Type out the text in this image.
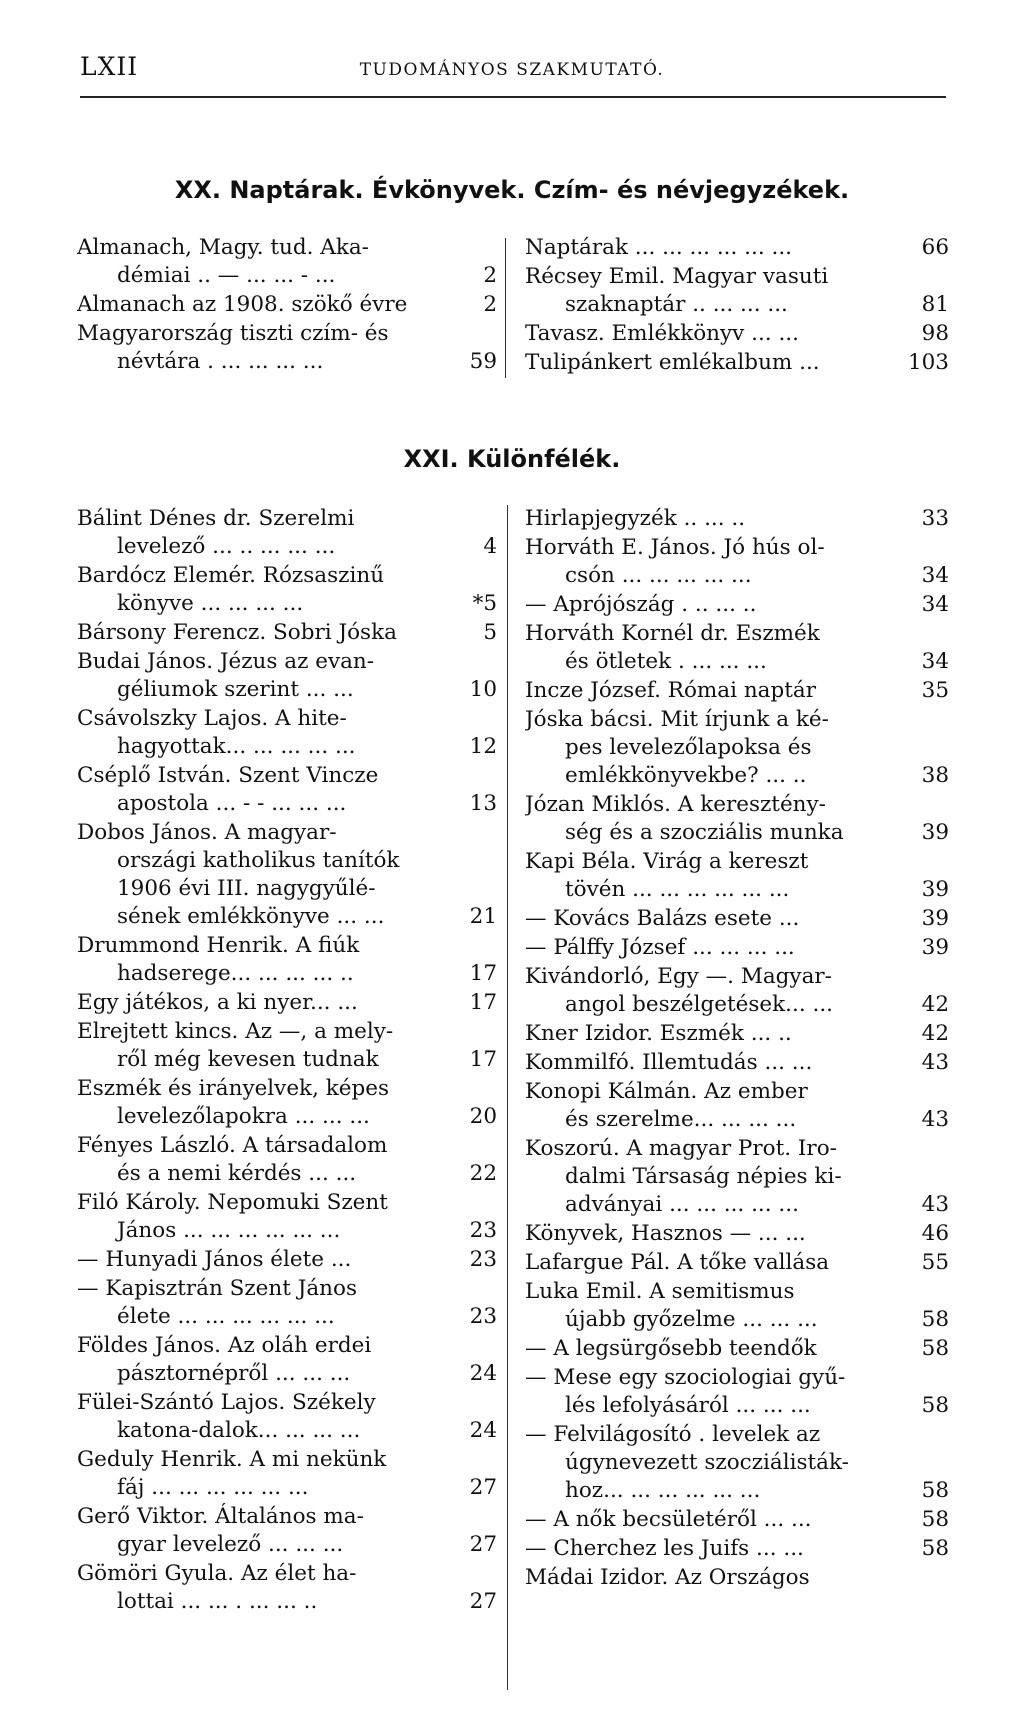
LXII	TUDOMÁNYOS SZAKMUTATÓ.
XX. Naptárak. Évkönyvek. Czím- és névjegyzékek.
Almanach, Magy. tud. Aka-
démiai .. — ... ... - ...	2
Almanach az 1908. szökő évre	2
Magyarország tiszti czím- és
névtára . ... ... ... ...	59
Naptárak ... ... ... ... ... ...	66
Récsey Emil. Magyar vasuti
szaknaptár .. ... ... ...	81
Tavasz. Emlékkönyv ... ...	98
Tulipánkert emlékalbum ...	103
XXI. Különfélék.
Bálint Dénes dr. Szerelmi
levelező ... .. ... ... ...	4
Bardócz Elemér. Rózsaszinű
könyve ... ... ... ...	*5
Bársony Ferencz. Sobri Jóska	5
Budai János. Jézus az evan-
géliumok szerint ... ...	10
Csávolszky Lajos. A hite-
hagyottak... ... ... ... ...	12
Cséplő István. Szent Vincze
apostola ... - - ... ... ...	13
Dobos János. A magyar-
országi katholikus tanítók
1906 évi III. nagygyűlé-
sének emlékkönyve ... ...	21
Drummond Henrik. A fiúk
hadserege... ... ... ... ..	17
Egy játékos, a ki nyer... ...	17
Elrejtett kincs. Az —, a mely-
ről még kevesen tudnak	17
Eszmék és irányelvek, képes
levelezőlapokra ... ... ...	20
Fényes László. A társadalom
és a nemi kérdés ... ...	22
Filó Károly. Nepomuki Szent
János ... ... ... ... ... ...	23
— Hunyadi János élete ...	23
— Kapisztrán Szent János
élete ... ... ... ... ... ...	23
Földes János. Az oláh erdei
pásztornépről ... ... ...	24
Fülei-Szántó Lajos. Székely
katona-dalok... ... ... ...	24
Geduly Henrik. A mi nekünk
fáj ... ... ... ... ... ...	27
Gerő Viktor. Általános ma-
gyar levelező ... ... ...	27
Gömöri Gyula. Az élet ha-
lottai ... ... . ... ... ..	27
Hirlapjegyzék .. ... ..	33
Horváth E. János. Jó hús ol-
csón ... ... ... ... ...	34
— Aprójószág . .. ... ..	34
Horváth Kornél dr. Eszmék
és ötletek . ... ... ...	34
Incze József. Római naptár	35
Jóska bácsi. Mit írjunk a ké-
pes levelezőlapoksa és
emlékkönyvekbe? ... ..	38
Józan Miklós. A keresztény-
ség és a szocziális munka	39
Kapi Béla. Virág a kereszt
tövén ... ... ... ... ... ...	39
— Kovács Balázs esete ...	39
— Pálffy József ... ... ... ...	39
Kivándorló, Egy —. Magyar-
angol beszélgetések... ...	42
Kner Izidor. Eszmék ... ..	42
Kommilfó. Illemtudás ... ...	43
Konopi Kálmán. Az ember
és szerelme... ... ... ...	43
Koszorú. A magyar Prot. Iro-
dalmi Társaság népies ki-
adványai ... ... ... ... ...	43
Könyvek, Hasznos — ... ...	46
Lafargue Pál. A tőke vallása	55
Luka Emil. A semitismus
újabb győzelme ... ... ...	58
— A legsürgősebb teendők	58
— Mese egy szociologiai gyű-
lés lefolyásáról ... ... ...	58
— Felvilágosító . levelek az
úgynevezett szocziálisták-
hoz... ... ... ... ... ...	58
— A nők becsületéről ... ...	58
— Cherchez les Juifs ... ...	58
Mádai Izidor. Az Országos
